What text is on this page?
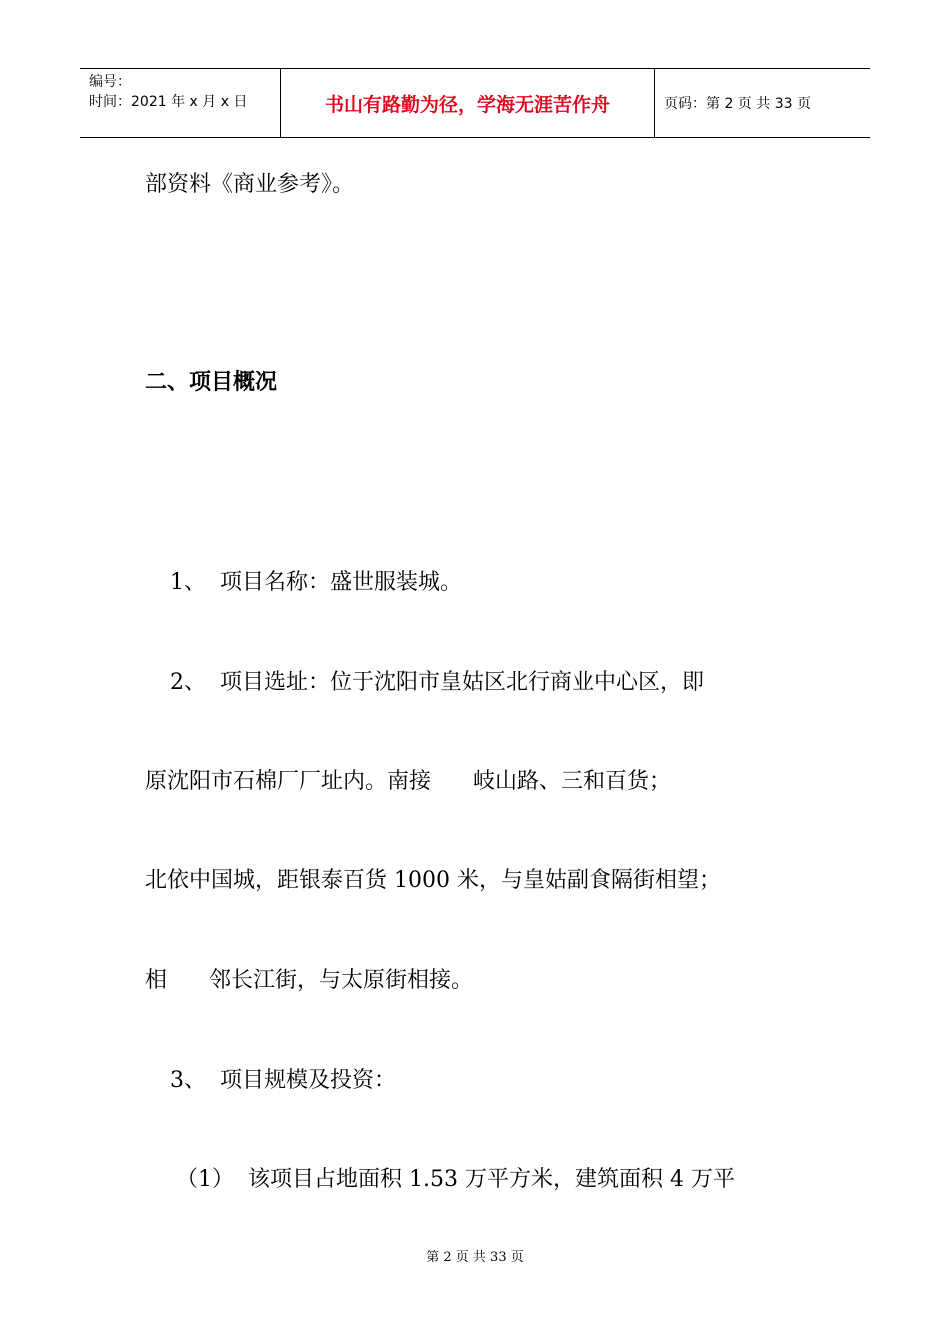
编号：
时间：2021 年 x 月 x 日	书山有路勤为径，学海无涯苦作舟	页码：第 2 页 共 33 页
部资料《商业参考》。
二、项目概况
1、  项目名称：盛世服装城。
2、  项目选址：位于沈阳市皇姑区北行商业中心区，即
原沈阳市石棉厂厂址内。南接      岐山路、三和百货；
北依中国城，距银泰百货 1000 米，与皇姑副食隔街相望；
相      邻长江街，与太原街相接。
3、  项目规模及投资：
（1）  该项目占地面积 1.53 万平方米，建筑面积 4 万平
第 2 页 共 33 页
